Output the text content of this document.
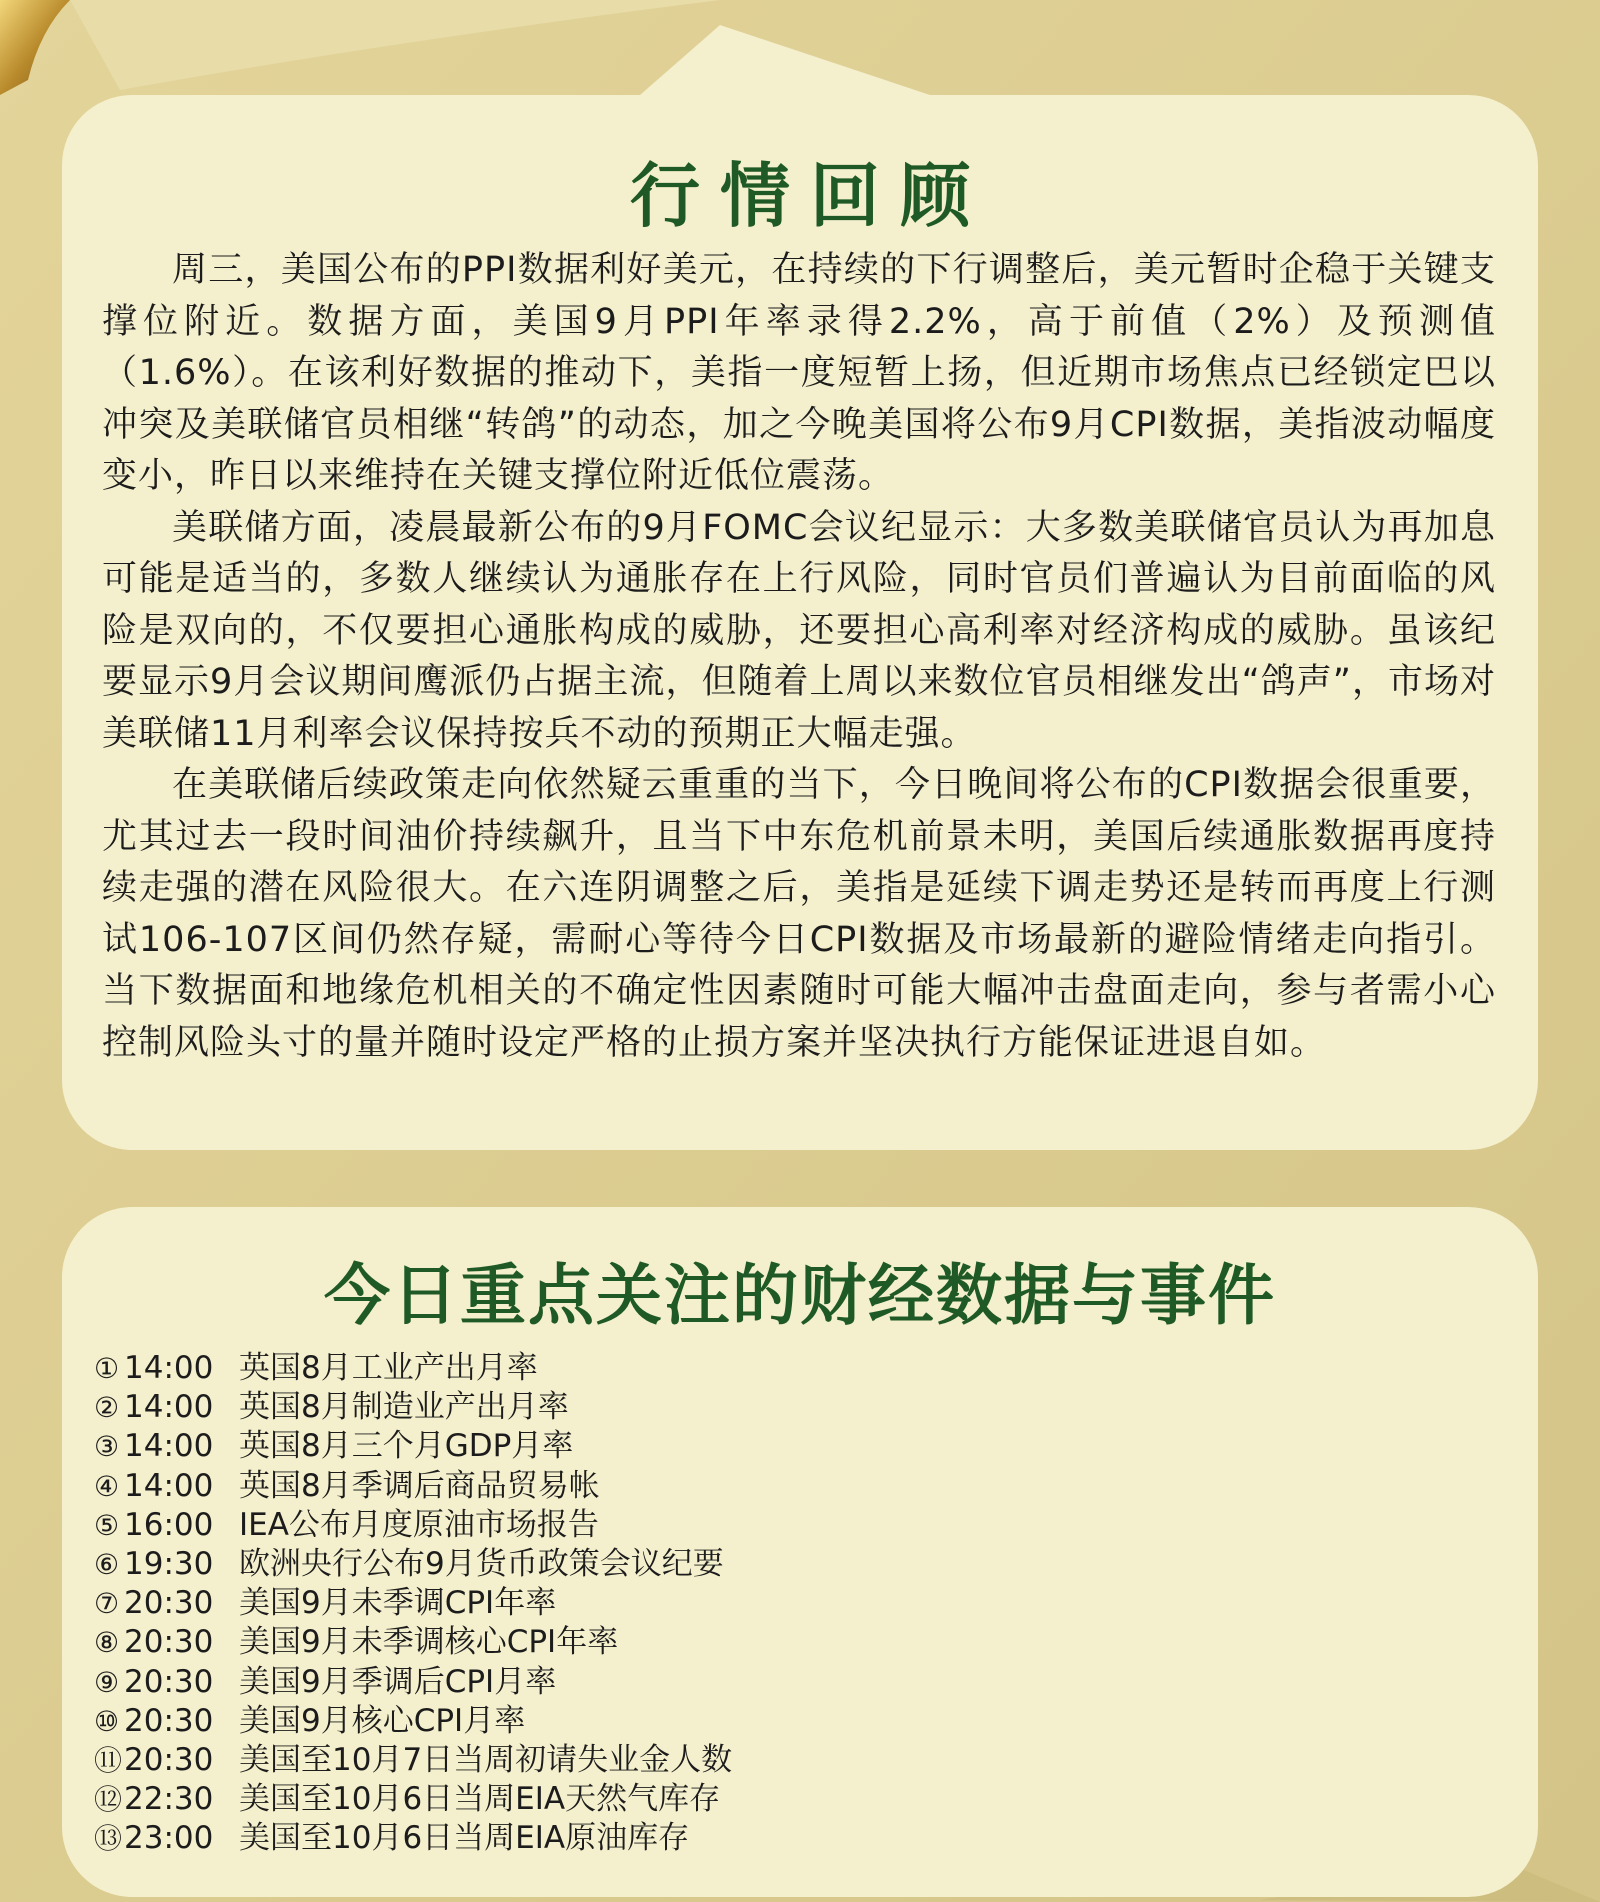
行情回顾

周三，美国公布的PPI数据利好美元，在持续的下行调整后，美元暂时企稳于关键支撑位附近。数据方面，美国9月PPI年率录得2.2%，高于前值（2%）及预测值（1.6%）。在该利好数据的推动下，美指一度短暂上扬，但近期市场焦点已经锁定巴以冲突及美联储官员相继“转鸽”的动态，加之今晚美国将公布9月CPI数据，美指波动幅度变小，昨日以来维持在关键支撑位附近低位震荡。

美联储方面，凌晨最新公布的9月FOMC会议纪显示：大多数美联储官员认为再加息可能是适当的，多数人继续认为通胀存在上行风险，同时官员们普遍认为目前面临的风险是双向的，不仅要担心通胀构成的威胁，还要担心高利率对经济构成的威胁。虽该纪要显示9月会议期间鹰派仍占据主流，但随着上周以来数位官员相继发出“鸽声”，市场对美联储11月利率会议保持按兵不动的预期正大幅走强。

在美联储后续政策走向依然疑云重重的当下，今日晚间将公布的CPI数据会很重要，尤其过去一段时间油价持续飙升，且当下中东危机前景未明，美国后续通胀数据再度持续走强的潜在风险很大。在六连阴调整之后，美指是延续下调走势还是转而再度上行测试106-107区间仍然存疑，需耐心等待今日CPI数据及市场最新的避险情绪走向指引。当下数据面和地缘危机相关的不确定性因素随时可能大幅冲击盘面走向，参与者需小心控制风险头寸的量并随时设定严格的止损方案并坚决执行方能保证进退自如。

今日重点关注的财经数据与事件
① 14:00 英国8月工业产出月率
② 14:00 英国8月制造业产出月率
③ 14:00 英国8月三个月GDP月率
④ 14:00 英国8月季调后商品贸易帐
⑤ 16:00 IEA公布月度原油市场报告
⑥ 19:30 欧洲央行公布9月货币政策会议纪要
⑦ 20:30 美国9月未季调CPI年率
⑧ 20:30 美国9月未季调核心CPI年率
⑨ 20:30 美国9月季调后CPI月率
⑩ 20:30 美国9月核心CPI月率
⑪20:30 美国至10月7日当周初请失业金人数
⑫22:30 美国至10月6日当周EIA天然气库存
⑬23:00 美国至10月6日当周EIA原油库存
